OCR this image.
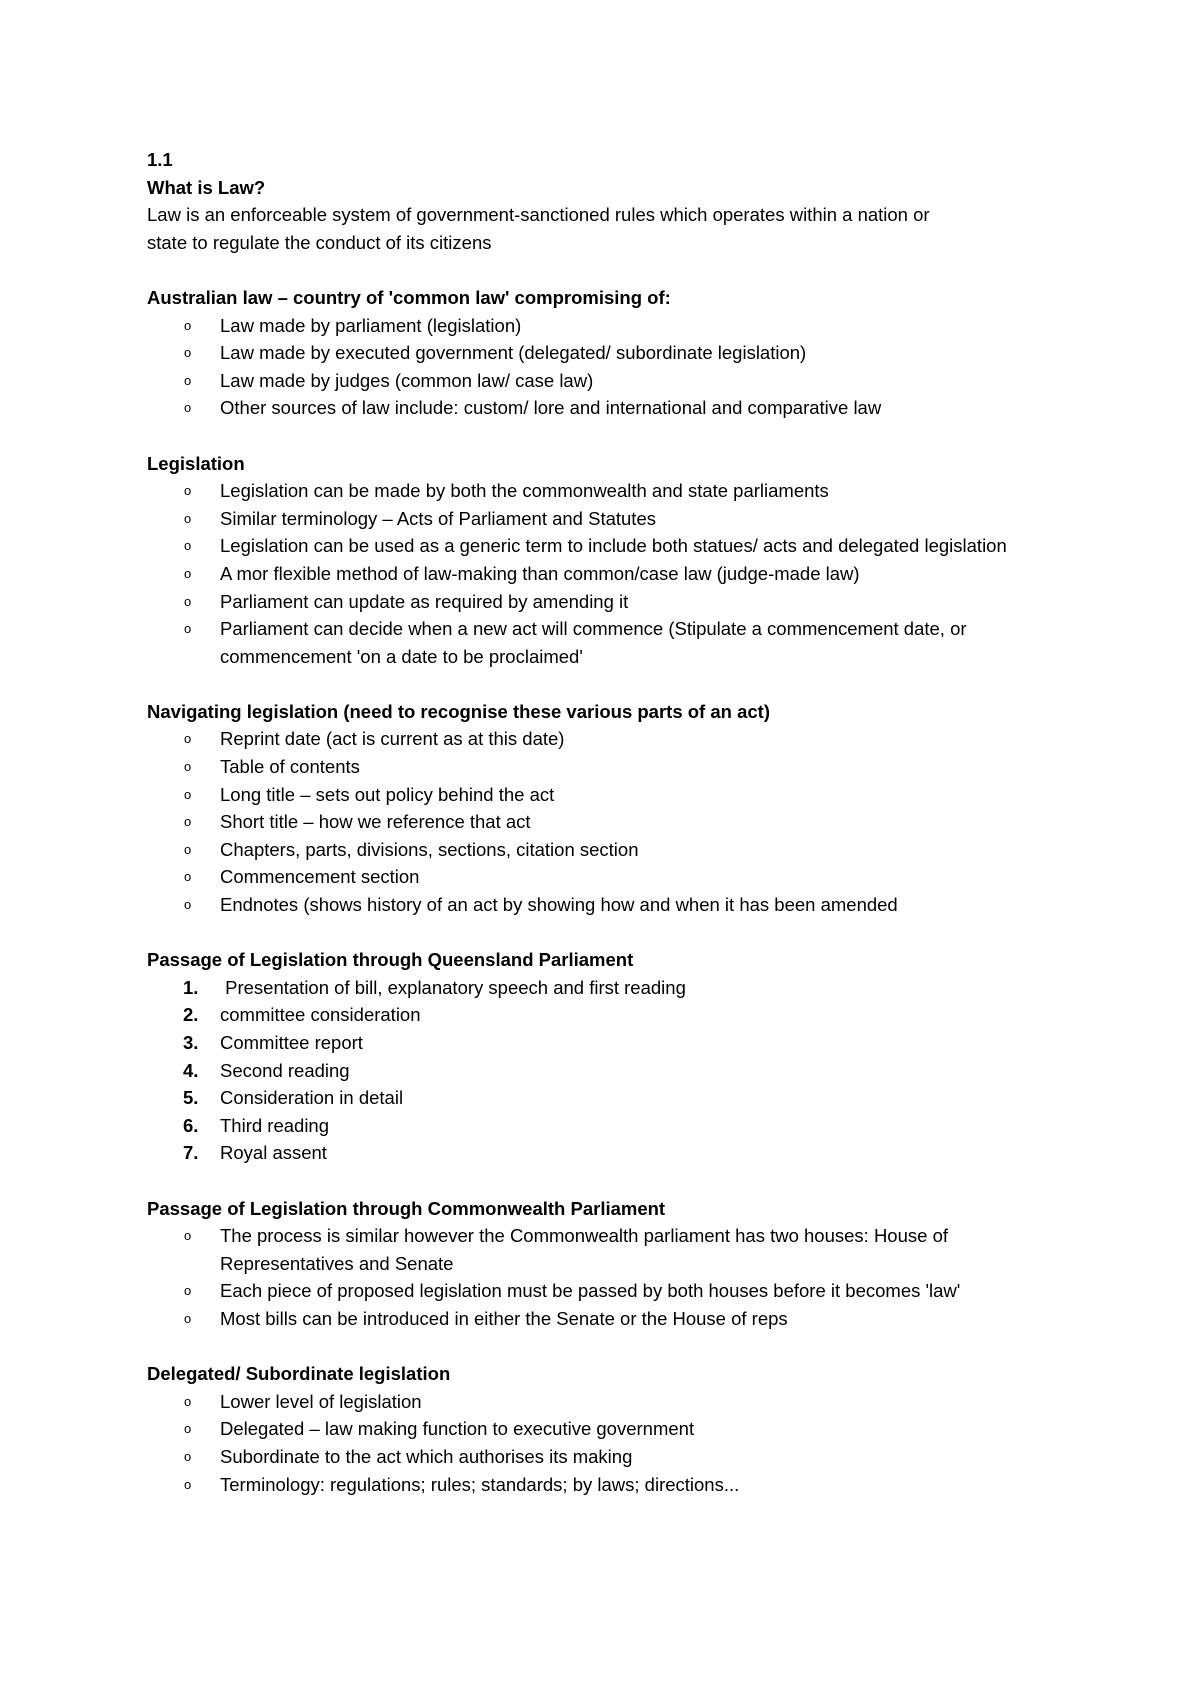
1.1
What is Law?
Law is an enforceable system of government-sanctioned rules which operates within a nation or
state to regulate the conduct of its citizens
Australian law – country of 'common law' compromising of:
o Law made by parliament (legislation)
o Law made by executed government (delegated/ subordinate legislation)
o Law made by judges (common law/ case law)
o Other sources of law include: custom/ lore and international and comparative law
Legislation
o Legislation can be made by both the commonwealth and state parliaments
o Similar terminology – Acts of Parliament and Statutes
o Legislation can be used as a generic term to include both statues/ acts and delegated legislation
o A mor flexible method of law-making than common/case law (judge-made law)
o Parliament can update as required by amending it
o Parliament can decide when a new act will commence (Stipulate a commencement date, or commencement 'on a date to be proclaimed'
Navigating legislation (need to recognise these various parts of an act)
o Reprint date (act is current as at this date)
o Table of contents
o Long title – sets out policy behind the act
o Short title – how we reference that act
o Chapters, parts, divisions, sections, citation section
o Commencement section
o Endnotes (shows history of an act by showing how and when it has been amended
Passage of Legislation through Queensland Parliament
1. Presentation of bill, explanatory speech and first reading
2. committee consideration
3. Committee report
4. Second reading
5. Consideration in detail
6. Third reading
7. Royal assent
Passage of Legislation through Commonwealth Parliament
o The process is similar however the Commonwealth parliament has two houses: House of Representatives and Senate
o Each piece of proposed legislation must be passed by both houses before it becomes 'law'
o Most bills can be introduced in either the Senate or the House of reps
Delegated/ Subordinate legislation
o Lower level of legislation
o Delegated – law making function to executive government
o Subordinate to the act which authorises its making
o Terminology: regulations; rules; standards; by laws; directions...
